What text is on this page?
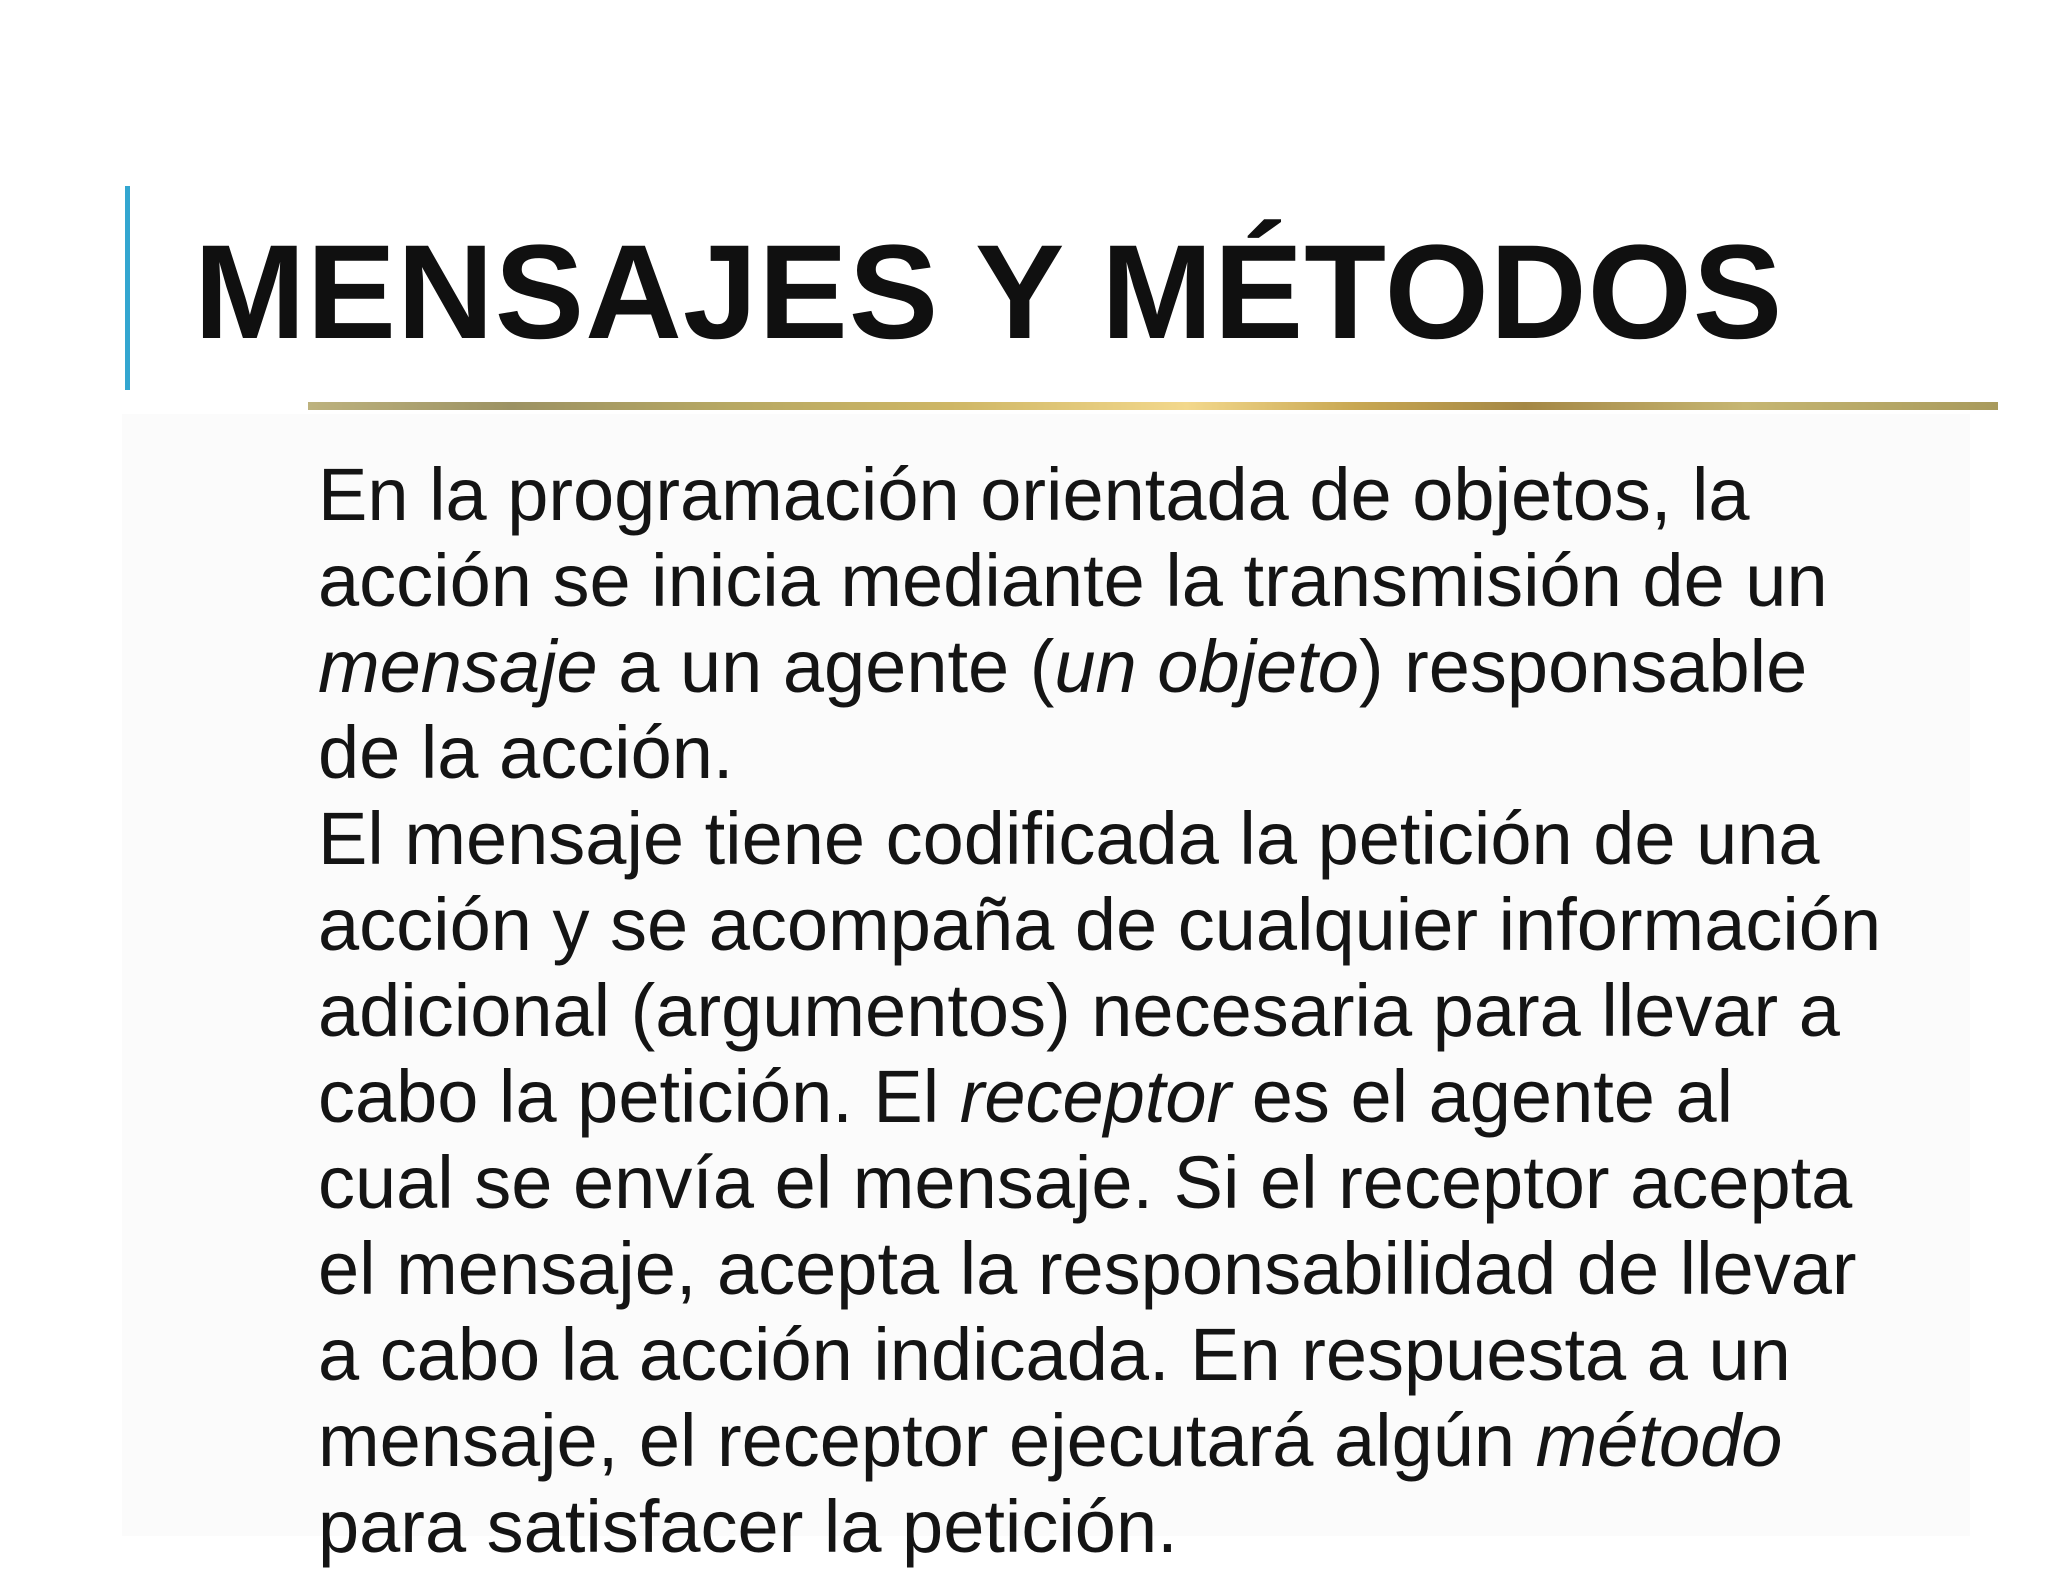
MENSAJES Y MÉTODOS
En la programación orientada de objetos, la
acción se inicia mediante la transmisión de un
mensaje a un agente (un objeto) responsable
de la acción.
El mensaje tiene codificada la petición de una
acción y se acompaña de cualquier información
adicional (argumentos) necesaria para llevar a
cabo la petición. El receptor es el agente al
cual se envía el mensaje. Si el receptor acepta
el mensaje, acepta la responsabilidad de llevar
a cabo la acción indicada. En respuesta a un
mensaje, el receptor ejecutará algún método
para satisfacer la petición.
